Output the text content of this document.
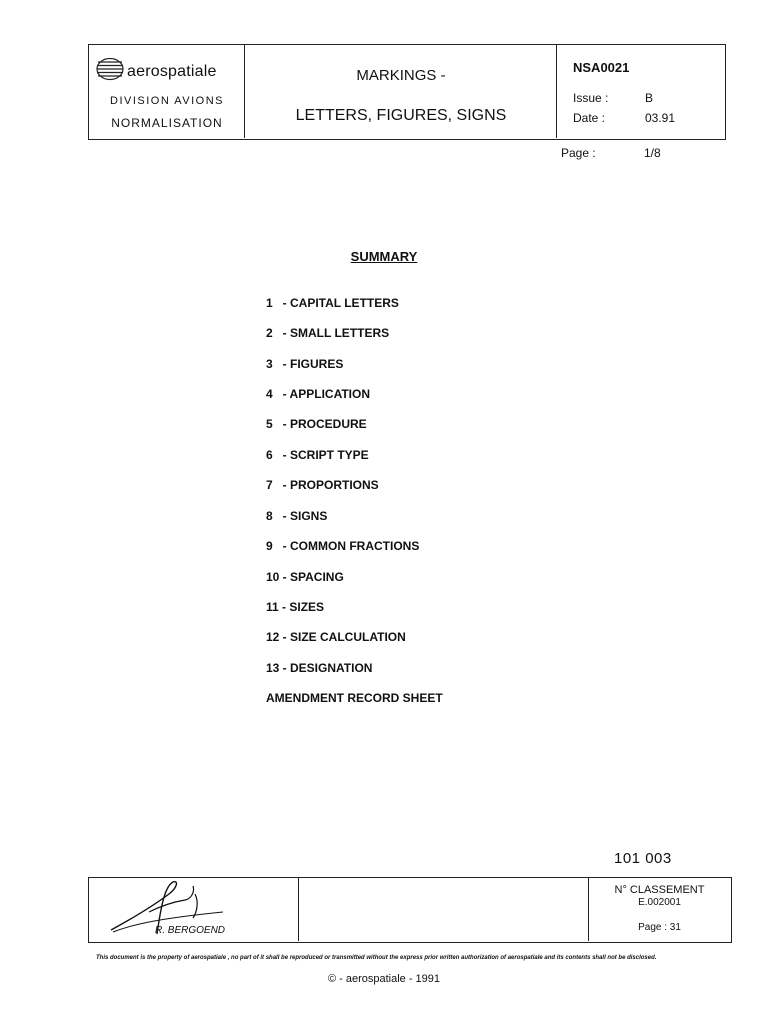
aerospatiale
DIVISION AVIONS
NORMALISATION
MARKINGS -
LETTERS, FIGURES, SIGNS
NSA0021
Issue :	B
Date :	03.91
Page :	1/8
SUMMARY
1   - CAPITAL LETTERS
2   - SMALL LETTERS
3   - FIGURES
4   - APPLICATION
5   - PROCEDURE
6   - SCRIPT TYPE
7   - PROPORTIONS
8   - SIGNS
9   - COMMON FRACTIONS
10 - SPACING
11 - SIZES
12 - SIZE CALCULATION
13 - DESIGNATION
AMENDMENT RECORD SHEET
101 003
R. BERGOEND
N° CLASSEMENT
E.002001
Page : 31
This document is the property of aerospatiale , no part of it shall be reproduced or transmitted without the express prior written authorization of aerospatiale and its contents shall not be disclosed.
© - aerospatiale - 1991
